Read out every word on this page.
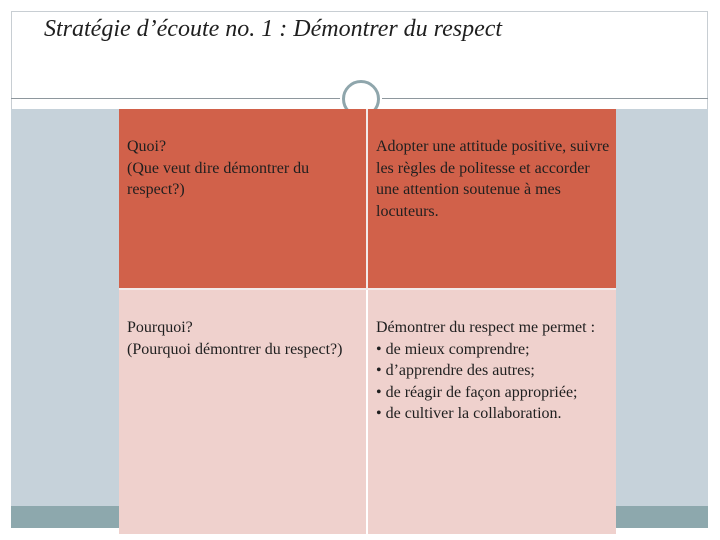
Stratégie d’écoute no. 1 : Démontrer du respect
Quoi?
(Que veut dire démontrer du respect?)	Adopter une attitude positive, suivre les règles de politesse et accorder une attention soutenue à mes locuteurs.

Pourquoi?
(Pourquoi démontrer du respect?)	Démontrer du respect me permet :
• de mieux comprendre;
• d’apprendre des autres;
• de réagir de façon appropriée;
• de cultiver la collaboration.
